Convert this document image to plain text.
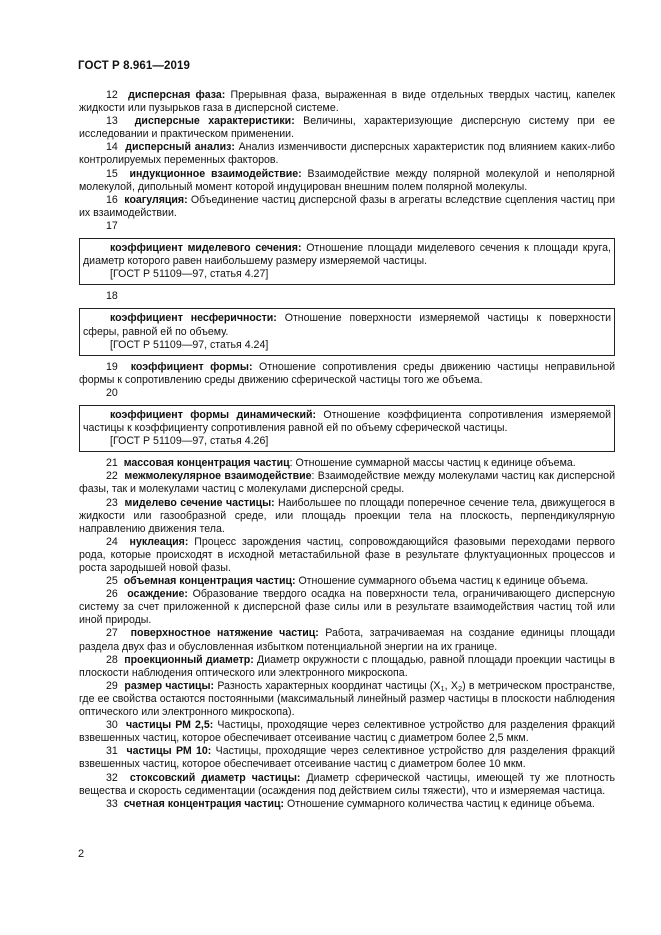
ГОСТ Р 8.961—2019

12 дисперсная фаза: Прерывная фаза, выраженная в виде отдельных твердых частиц, капелек жидкости или пузырьков газа в дисперсной системе.

13 дисперсные характеристики: Величины, характеризующие дисперсную систему при ее исследовании и практическом применении.

14 дисперсный анализ: Анализ изменчивости дисперсных характеристик под влиянием каких-либо контролируемых переменных факторов.

15 индукционное взаимодействие: Взаимодействие между полярной молекулой и неполярной молекулой, дипольный момент которой индуцирован внешним полем полярной молекулы.

16 коагуляция: Объединение частиц дисперсной фазы в агрегаты вследствие сцепления частиц при их взаимодействии.

17

коэффициент миделевого сечения: Отношение площади миделевого сечения к площади круга, диаметр которого равен наибольшему размеру измеряемой частицы.

[ГОСТ Р 51109—97, статья 4.27]

18

коэффициент несферичности: Отношение поверхности измеряемой частицы к поверхности сферы, равной ей по объему.

[ГОСТ Р 51109—97, статья 4.24]

19 коэффициент формы: Отношение сопротивления среды движению частицы неправильной формы к сопротивлению среды движению сферической частицы того же объема.

20

коэффициент формы динамический: Отношение коэффициента сопротивления измеряемой частицы к коэффициенту сопротивления равной ей по объему сферической частицы.

[ГОСТ Р 51109—97, статья 4.26]

21 массовая концентрация частиц: Отношение суммарной массы частиц к единице объема.

22 межмолекулярное взаимодействие: Взаимодействие между молекулами частиц как дисперсной фазы, так и молекулами частиц с молекулами дисперсной среды.

23 миделево сечение частицы: Наибольшее по площади поперечное сечение тела, движущегося в жидкости или газообразной среде, или площадь проекции тела на плоскость, перпендикулярную направлению движения тела.

24 нуклеация: Процесс зарождения частиц, сопровождающийся фазовыми переходами первого рода, которые происходят в исходной метастабильной фазе в результате флуктуационных процессов и роста зародышей новой фазы.

25 объемная концентрация частиц: Отношение суммарного объема частиц к единице объема.

26 осаждение: Образование твердого осадка на поверхности тела, ограничивающего дисперсную систему за счет приложенной к дисперсной фазе силы или в результате взаимодействия частиц той или иной природы.

27 поверхностное натяжение частиц: Работа, затрачиваемая на создание единицы площади раздела двух фаз и обусловленная избытком потенциальной энергии на их границе.

28 проекционный диаметр: Диаметр окружности с площадью, равной площади проекции частицы в плоскости наблюдения оптического или электронного микроскопа.

29 размер частицы: Разность характерных координат частицы ($X_1$, $X_2$) в метрическом пространстве, где ее свойства остаются постоянными (максимальный линейный размер частицы в плоскости наблюдения оптического или электронного микроскопа).

30 частицы РМ 2,5: Частицы, проходящие через селективное устройство для разделения фракций взвешенных частиц, которое обеспечивает отсеивание частиц с диаметром более 2,5 мкм.

31 частицы РМ 10: Частицы, проходящие через селективное устройство для разделения фракций взвешенных частиц, которое обеспечивает отсеивание частиц с диаметром более 10 мкм.

32 стоксовский диаметр частицы: Диаметр сферической частицы, имеющей ту же плотность вещества и скорость седиментации (осаждения под действием силы тяжести), что и измеряемая частица.

33 счетная концентрация частиц: Отношение суммарного количества частиц к единице объема.

2
